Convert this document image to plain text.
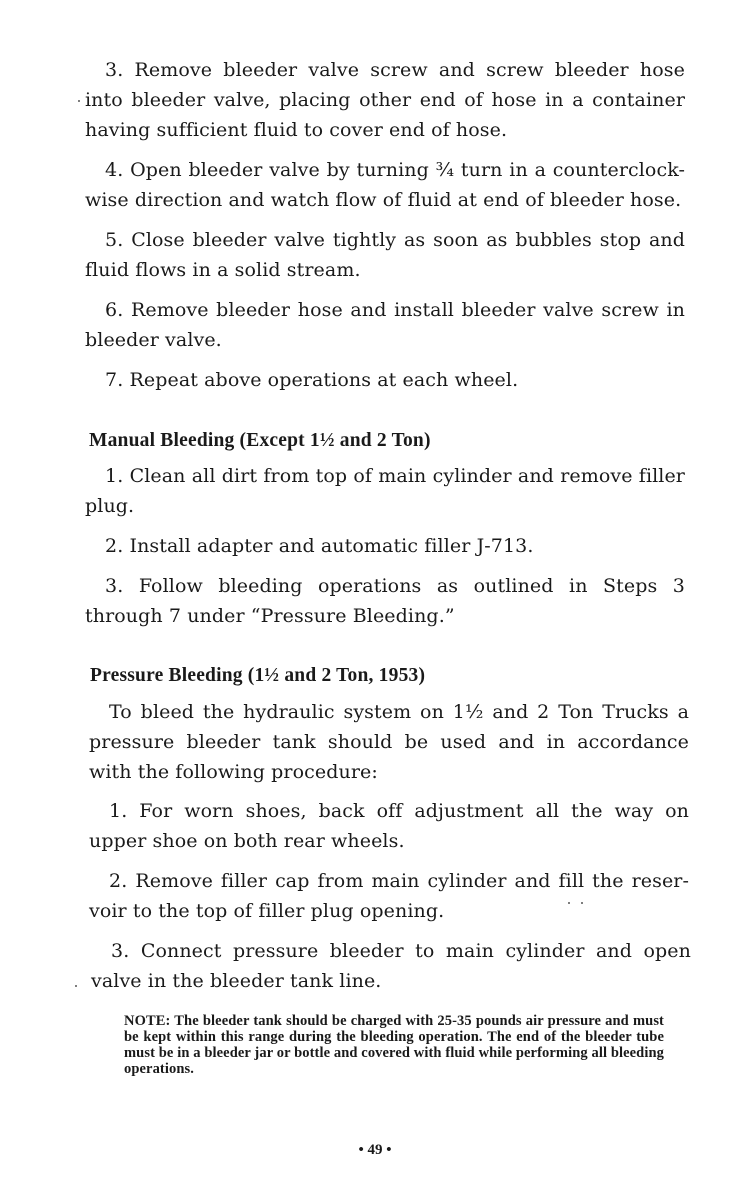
3. Remove bleeder valve screw and screw bleeder hose into bleeder valve, placing other end of hose in a container having sufficient fluid to cover end of hose.

4. Open bleeder valve by turning ¾ turn in a counterclock-wise direction and watch flow of fluid at end of bleeder hose.

5. Close bleeder valve tightly as soon as bubbles stop and fluid flows in a solid stream.

6. Remove bleeder hose and install bleeder valve screw in bleeder valve.

7. Repeat above operations at each wheel.

Manual Bleeding (Except 1½ and 2 Ton)

1. Clean all dirt from top of main cylinder and remove filler plug.

2. Install adapter and automatic filler J-713.

3. Follow bleeding operations as outlined in Steps 3 through 7 under “Pressure Bleeding.”

Pressure Bleeding (1½ and 2 Ton, 1953)

To bleed the hydraulic system on 1½ and 2 Ton Trucks a pressure bleeder tank should be used and in accordance with the following procedure:

1. For worn shoes, back off adjustment all the way on upper shoe on both rear wheels.

2. Remove filler cap from main cylinder and fill the reser-voir to the top of filler plug opening.

3. Connect pressure bleeder to main cylinder and open valve in the bleeder tank line.

NOTE: The bleeder tank should be charged with 25-35 pounds air pressure and must be kept within this range during the bleeding operation. The end of the bleeder tube must be in a bleeder jar or bottle and covered with fluid while performing all bleeding operations.

• 49 •
